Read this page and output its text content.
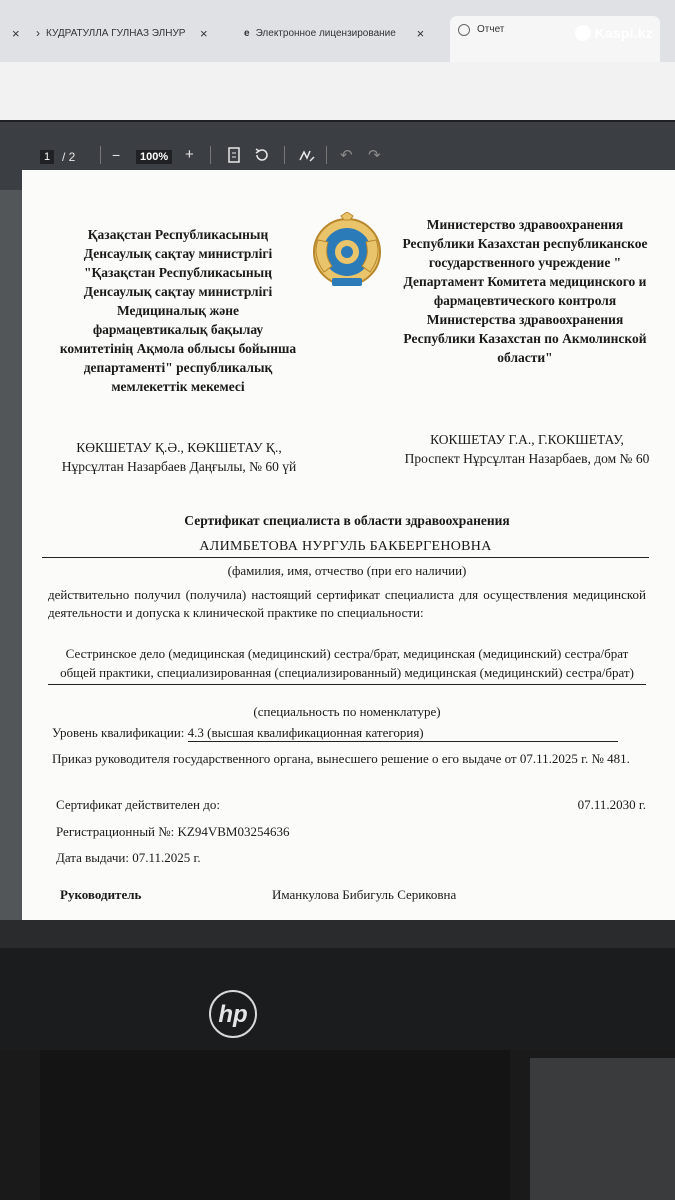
× › КУДРАТУЛЛА ГУЛНАЗ ЭЛНУР	×	e Электронное лицензирование	×	Отчет	Kaspi.kz
1 / 2	−	100% +	↶ ↷
Қазақстан Республикасының Денсаулық сақтау министрлігі "Қазақстан Республикасының Денсаулық сақтау министрлігі Медициналық және фармацевтикалық бақылау комитетінің Ақмола облысы бойынша департаменті" республикалық мемлекеттік мекемесі
Министерство здравоохранения Республики Казахстан республиканское государственного учреждение " Департамент Комитета медицинского и фармацевтического контроля Министерства здравоохранения Республики Казахстан по Акмолинской области"
КӨКШЕТАУ Қ.Ә., КӨКШЕТАУ Қ., Нұрсұлтан Назарбаев Даңғылы, № 60 үй
КОКШЕТАУ Г.А., Г.КОКШЕТАУ, Проспект Нұрсұлтан Назарбаев, дом № 60
Сертификат специалиста в области здравоохранения
АЛИМБЕТОВА НУРГУЛЬ БАКБЕРГЕНОВНА
(фамилия, имя, отчество (при его наличии)
действительно получил (получила) настоящий сертификат специалиста для осуществления медицинской деятельности и допуска к клинической практике по специальности:
Сестринское дело (медицинская (медицинский) сестра/брат, медицинская (медицинский) сестра/брат общей практики, специализированная (специализированный) медицинская (медицинский) сестра/брат)
(специальность по номенклатуре)
Уровень квалификации: 4.3 (высшая квалификационная категория)
Приказ руководителя государственного органа, вынесшего решение о его выдаче от 07.11.2025 г. № 481.
Сертификат действителен до:	07.11.2030 г.
Регистрационный №: KZ94VBM03254636
Дата выдачи: 07.11.2025 г.
Руководитель	Иманкулова Бибигуль Сериковна
hp
